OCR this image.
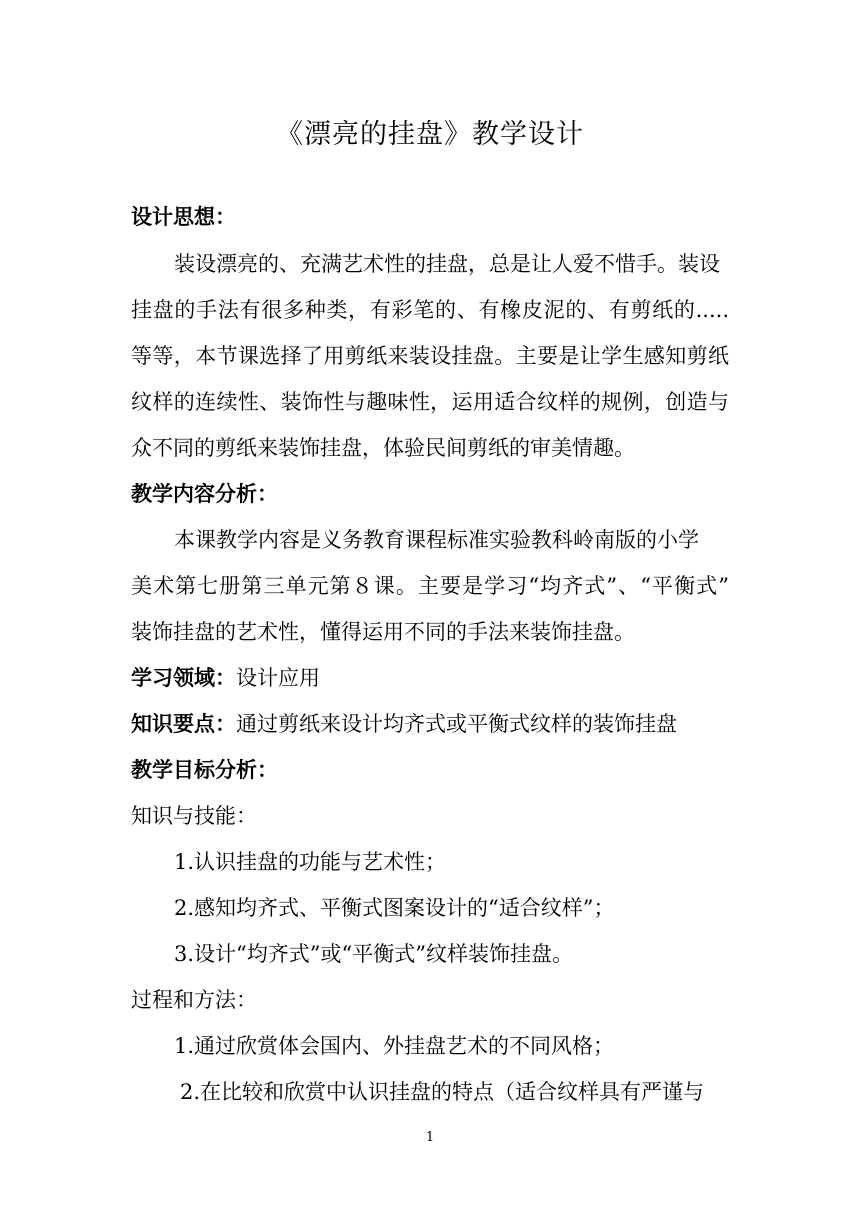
《漂亮的挂盘》教学设计
设计思想：
装设漂亮的、充满艺术性的挂盘，总是让人爱不惜手。装设
挂盘的手法有很多种类，有彩笔的、有橡皮泥的、有剪纸的.....
等等，本节课选择了用剪纸来装设挂盘。主要是让学生感知剪纸
纹样的连续性、装饰性与趣味性，运用适合纹样的规例，创造与
众不同的剪纸来装饰挂盘，体验民间剪纸的审美情趣。
教学内容分析：
本课教学内容是义务教育课程标准实验教科岭南版的小学
美术第七册第三单元第８课。主要是学习“均齐式”、“平衡式”
装饰挂盘的艺术性，懂得运用不同的手法来装饰挂盘。
学习领域：设计应用
知识要点：通过剪纸来设计均齐式或平衡式纹样的装饰挂盘
教学目标分析：
知识与技能：
1.认识挂盘的功能与艺术性；
2.感知均齐式、平衡式图案设计的“适合纹样”；
3.设计“均齐式”或“平衡式”纹样装饰挂盘。
过程和方法：
1.通过欣赏体会国内、外挂盘艺术的不同风格；
2.在比较和欣赏中认识挂盘的特点（适合纹样具有严谨与
1
